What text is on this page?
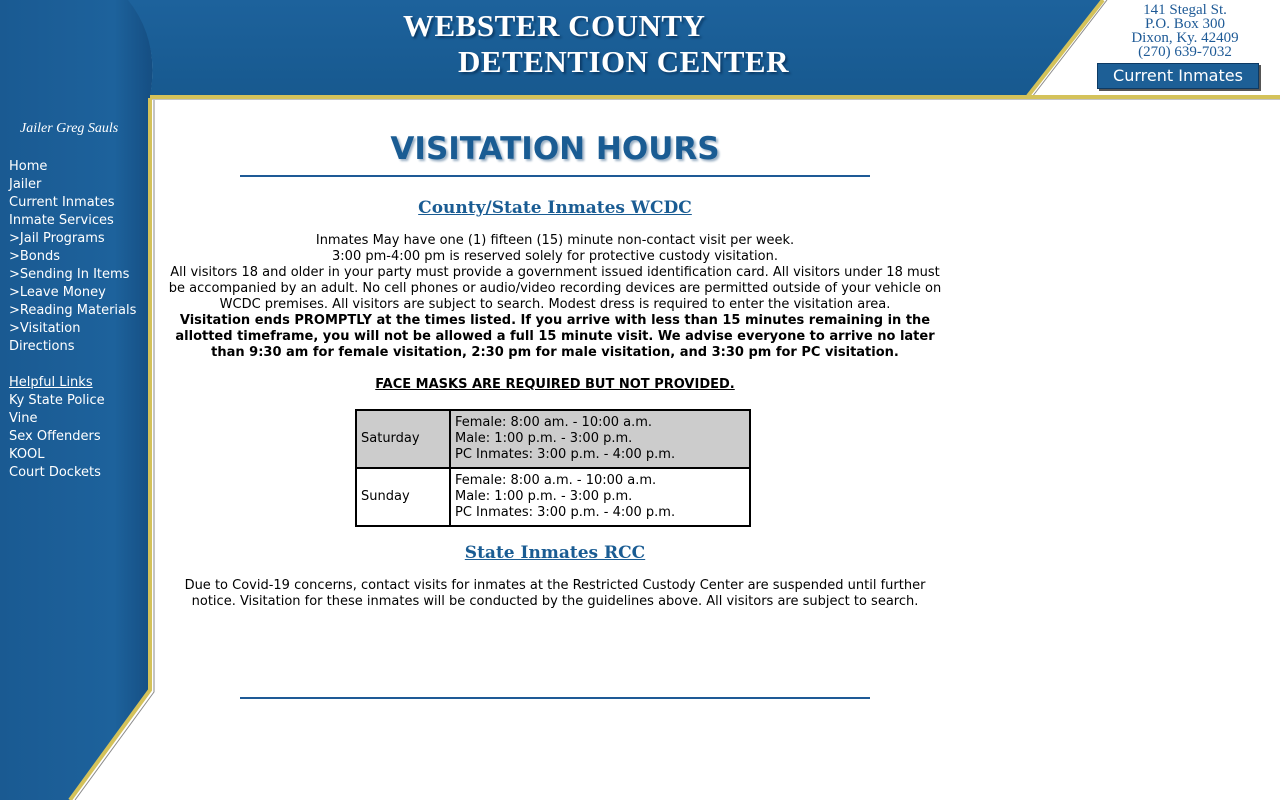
Jailer Greg Sauls
Home
Jailer
Current Inmates
Inmate Services
>Jail Programs
>Bonds
>Sending In Items
>Leave Money
>Reading Materials
>Visitation
Directions
Helpful Links
Ky State Police
Vine
Sex Offenders
KOOL
Court Dockets
WEBSTER COUNTY
DETENTION CENTER
141 Stegal St.
P.O. Box 300
Dixon, Ky. 42409
(270) 639-7032
Current Inmates
VISITATION HOURS
County/State Inmates WCDC
Inmates May have one (1) fifteen (15) minute non-contact visit per week.
3:00 pm-4:00 pm is reserved solely for protective custody visitation.
All visitors 18 and older in your party must provide a government issued identification card. All visitors under 18 must
be accompanied by an adult. No cell phones or audio/video recording devices are permitted outside of your vehicle on
WCDC premises. All visitors are subject to search. Modest dress is required to enter the visitation area.
Visitation ends PROMPTLY at the times listed. If you arrive with less than 15 minutes remaining in the
allotted timeframe, you will not be allowed a full 15 minute visit. We advise everyone to arrive no later
than 9:30 am for female visitation, 2:30 pm for male visitation, and 3:30 pm for PC visitation.
FACE MASKS ARE REQUIRED BUT NOT PROVIDED.
Saturday	Female: 8:00 am. - 10:00 a.m.
Male: 1:00 p.m. - 3:00 p.m.
PC Inmates: 3:00 p.m. - 4:00 p.m.

Sunday	Female: 8:00 a.m. - 10:00 a.m.
Male: 1:00 p.m. - 3:00 p.m.
PC Inmates: 3:00 p.m. - 4:00 p.m.
State Inmates RCC
Due to Covid-19 concerns, contact visits for inmates at the Restricted Custody Center are suspended until further
notice. Visitation for these inmates will be conducted by the guidelines above. All visitors are subject to search.
